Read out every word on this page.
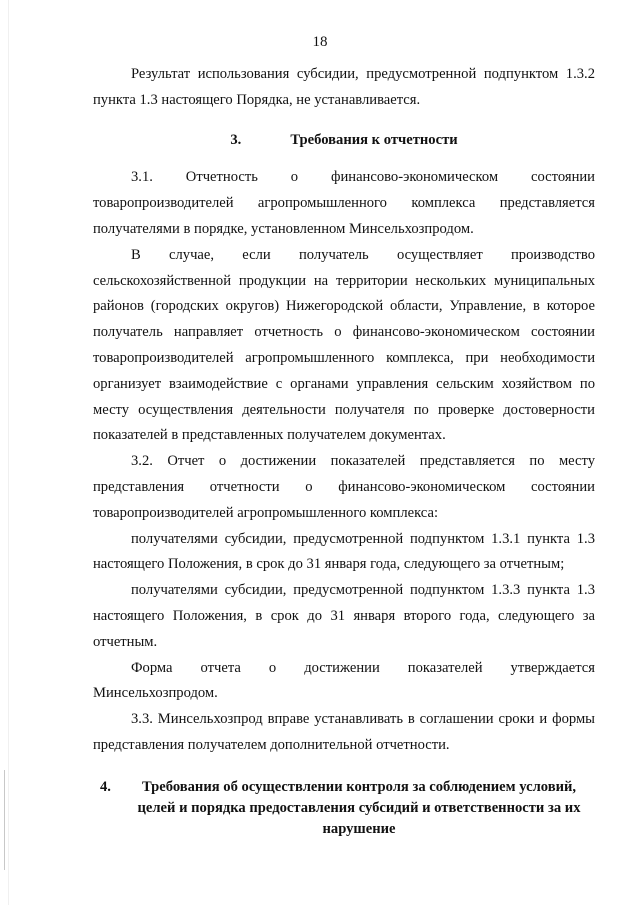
18

Результат использования субсидии, предусмотренной подпунктом 1.3.2 пункта 1.3 настоящего Порядка, не устанавливается.

3.	Требования к отчетности

3.1. Отчетность о финансово-экономическом состоянии товаропроизводителей агропромышленного комплекса представляется получателями в порядке, установленном Минсельхозпродом.

В случае, если получатель осуществляет производство сельскохозяйственной продукции на территории нескольких муниципальных районов (городских округов) Нижегородской области, Управление, в которое получатель направляет отчетность о финансово-экономическом состоянии товаропроизводителей агропромышленного комплекса, при необходимости организует взаимодействие с органами управления сельским хозяйством по месту осуществления деятельности получателя по проверке достоверности показателей в представленных получателем документах.

3.2. Отчет о достижении показателей представляется по месту представления отчетности о финансово-экономическом состоянии товаропроизводителей агропромышленного комплекса:

получателями субсидии, предусмотренной подпунктом 1.3.1 пункта 1.3 настоящего Положения, в срок до 31 января года, следующего за отчетным;

получателями субсидии, предусмотренной подпунктом 1.3.3 пункта 1.3 настоящего Положения, в срок до 31 января второго года, следующего за отчетным.

Форма отчета о достижении показателей утверждается Минсельхозпродом.

3.3. Минсельхозпрод вправе устанавливать в соглашении сроки и формы представления получателем дополнительной отчетности.

4.	Требования об осуществлении контроля за соблюдением условий, целей и порядка предоставления субсидий и ответственности за их нарушение
